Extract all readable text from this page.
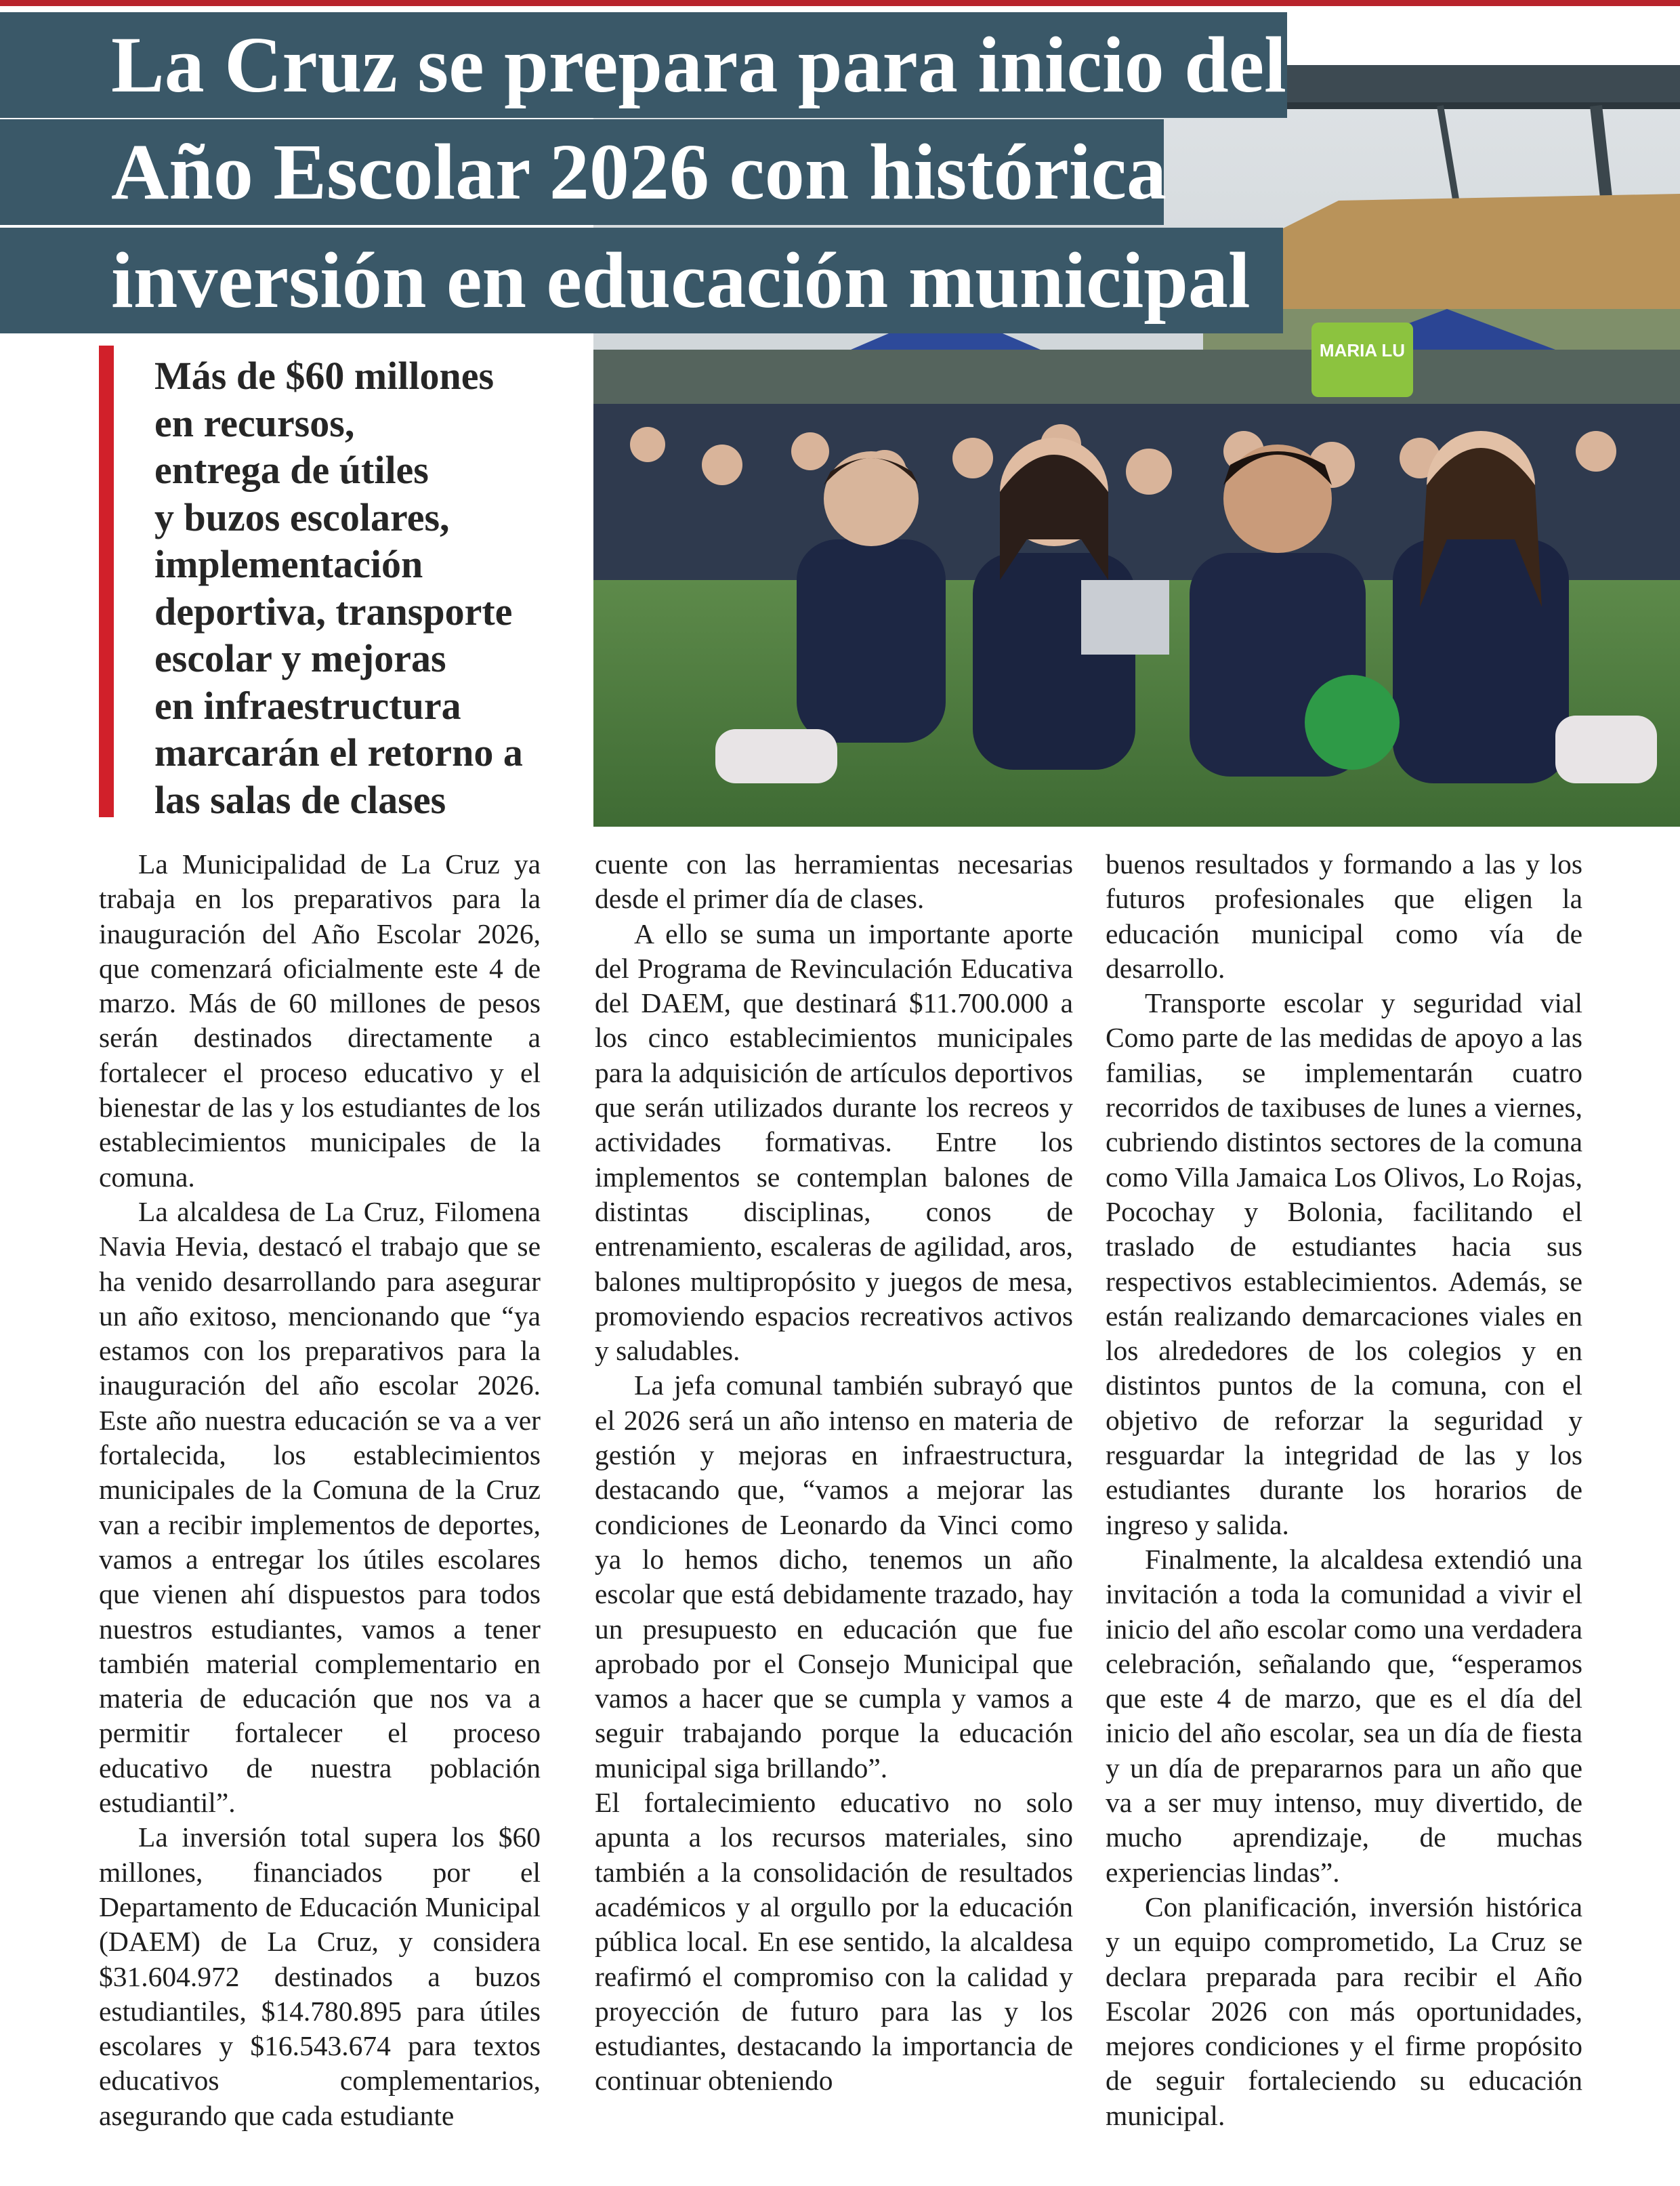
MARIA LU
La Cruz se prepara para inicio del
Año Escolar 2026 con histórica
inversión en educación municipal
Más de $60 millones
en recursos,
entrega de útiles
y buzos escolares,
implementación
deportiva, transporte
escolar y mejoras
en infraestructura
marcarán el retorno a
las salas de clases

La Municipalidad de La Cruz ya trabaja en los preparativos para la inauguración del Año Escolar 2026, que comenzará oficialmente este 4 de marzo. Más de 60 millones de pesos serán destinados directamente a fortalecer el proceso educativo y el bienestar de las y los estudiantes de los establecimientos municipales de la comuna.

La alcaldesa de La Cruz, Filomena Navia Hevia, destacó el trabajo que se ha venido desarrollando para asegurar un año exitoso, mencionando que “ya estamos con los preparativos para la inauguración del año escolar 2026. Este año nuestra educación se va a ver fortalecida, los establecimientos municipales de la Comuna de la Cruz van a recibir implementos de deportes, vamos a entregar los útiles escolares que vienen ahí dispuestos para todos nuestros estudiantes, vamos a tener también material complementario en materia de educación que nos va a permitir fortalecer el proceso educativo de nuestra población estudiantil”.

La inversión total supera los $60 millones, financiados por el Departamento de Educación Municipal (DAEM) de La Cruz, y considera $31.604.972 destinados a buzos estudiantiles, $14.780.895 para útiles escolares y $16.543.674 para textos educativos complementarios, asegurando que cada estudiante

cuente con las herramientas necesarias desde el primer día de clases.

A ello se suma un importante aporte del Programa de Revinculación Educativa del DAEM, que destinará $11.700.000 a los cinco establecimientos municipales para la adquisición de artículos deportivos que serán utilizados durante los recreos y actividades formativas. Entre los implementos se contemplan balones de distintas disciplinas, conos de entrenamiento, escaleras de agilidad, aros, balones multipropósito y juegos de mesa, promoviendo espacios recreativos activos y saludables.

La jefa comunal también subrayó que el 2026 será un año intenso en materia de gestión y mejoras en infraestructura, destacando que, “vamos a mejorar las condiciones de Leonardo da Vinci como ya lo hemos dicho, tenemos un año escolar que está debidamente trazado, hay un presupuesto en educación que fue aprobado por el Consejo Municipal que vamos a hacer que se cumpla y vamos a seguir trabajando porque la educación municipal siga brillando”.

El fortalecimiento educativo no solo apunta a los recursos materiales, sino también a la consolidación de resultados académicos y al orgullo por la educación pública local. En ese sentido, la alcaldesa reafirmó el compromiso con la calidad y proyección de futuro para las y los estudiantes, destacando la importancia de continuar obteniendo

buenos resultados y formando a las y los futuros profesionales que eligen la educación municipal como vía de desarrollo.

Transporte escolar y seguridad vial Como parte de las medidas de apoyo a las familias, se implementarán cuatro recorridos de taxibuses de lunes a viernes, cubriendo distintos sectores de la comuna como Villa Jamaica Los Olivos, Lo Rojas, Pocochay y Bolonia, facilitando el traslado de estudiantes hacia sus respectivos establecimientos. Además, se están realizando demarcaciones viales en los alrededores de los colegios y en distintos puntos de la comuna, con el objetivo de reforzar la seguridad y resguardar la integridad de las y los estudiantes durante los horarios de ingreso y salida.

Finalmente, la alcaldesa extendió una invitación a toda la comunidad a vivir el inicio del año escolar como una verdadera celebración, señalando que, “esperamos que este 4 de marzo, que es el día del inicio del año escolar, sea un día de fiesta y un día de prepararnos para un año que va a ser muy intenso, muy divertido, de mucho aprendizaje, de muchas experiencias lindas”.

Con planificación, inversión histórica y un equipo comprometido, La Cruz se declara preparada para recibir el Año Escolar 2026 con más oportunidades, mejores condiciones y el firme propósito de seguir fortaleciendo su educación municipal.
